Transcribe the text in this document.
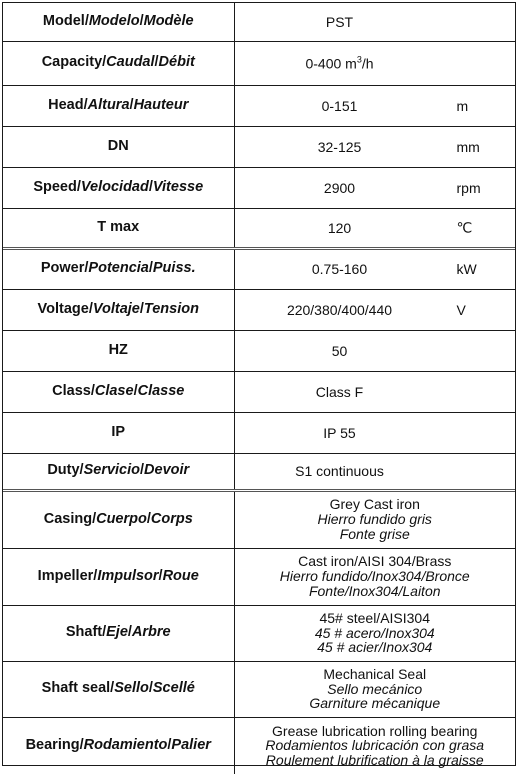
Model/Modelo/Modèle	PST

Capacity/Caudal/Débit	0-400 $m^3/h$

Head/Altura/Hauteur	0-151 m

DN	32-125 mm

Speed/Velocidad/Vitesse	2900 rpm

T max	120 ℃

Power/Potencia/Puiss.	0.75-160 kW

Voltage/Voltaje/Tension	220/380/400/440 V

HZ	50

Class/Clase/Classe	Class F

IP	IP 55

Duty/Servicio/Devoir	S1 continuous

Casing/Cuerpo/Corps	Grey Cast iron
Hierro fundido gris
Fonte grise

Impeller/Impulsor/Roue	Cast iron/AISI 304/Brass
Hierro fundido/Inox304/Bronce
Fonte/Inox304/Laiton

Shaft/Eje/Arbre	45# steel/AISI304
45 # acero/Inox304
45 # acier/Inox304

Shaft seal/Sello/Scellé	Mechanical Seal
Sello mecánico
Garniture mécanique

Bearing/Rodamiento/Palier	Grease lubrication rolling bearing
Rodamientos lubricación con grasa
Roulement lubrification à la graisse
